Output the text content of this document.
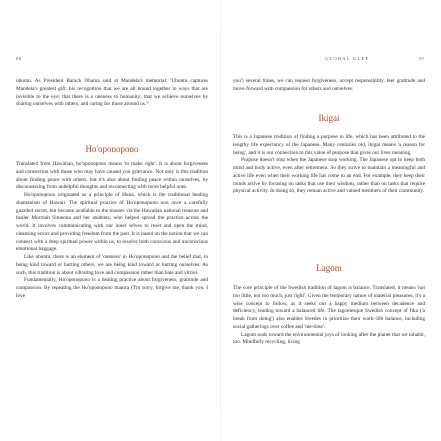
86

ubuntu. As President Barack Obama said at Mandela's memorial: 'Ubuntu captures Mandela's greatest gift: his recognition that we are all bound together in ways that are invisible to the eye; that there is a oneness to humanity; that we achieve ourselves by sharing ourselves with others, and caring for those around us.'¹

Ho'oponopono

Translated from Hawaiian, ho'oponopono means 'to make right'. It is about forgiveness and connection with those who may have caused you grievance. Not only is this tradition about finding peace with others, but it's also about finding peace within ourselves, by disconnecting from unhelpful thoughts and reconnecting with more helpful ones.

Ho'oponopono originated as a principle of Huna, which is the traditional healing shamanism of Hawaii. The spiritual practice of Ho'oponopono was once a carefully guarded secret, but became available to the masses via the Hawaiian national treasure and healer Morrnah Simeona and her students, who helped spread the practice across the world. It involves communicating with our inner selves to reset and open the mind, cleansing errors and providing freedom from the past. It is based on the notion that we can connect with a deep spiritual power within us, to resolve both conscious and unconscious emotional baggage.

Like ubuntu, there is an element of 'oneness' in Ho'oponopono and the belief that, in being kind toward or hurting others, we are being kind toward or hurting ourselves. As such, this tradition is about vibrating love and compassion rather than hate and vitriol.

Fundamentally, Ho'oponopono is a healing practice about forgiveness, gratitude and compassion. By repeating the Ho'oponopono mantra ('I'm sorry, forgive me, thank you, I love

GLOBAL GLEE	87

you') several times, we can request forgiveness, accept responsibility, feel gratitude and move forward with compassion for others and ourselves.

Ikigai

This is a Japanese tradition of finding a purpose in life, which has been attributed to the lengthy life expectancy of the Japanese. Many centuries old, ikigai means 'a reason for being', and it is our connection to this value of purpose that gives our lives meaning.

Purpose doesn't stop when the Japanese stop working. The Japanese opt to keep both mind and body active, even after retirement. So they strive to maintain a meaningful and active life even when their working life has come to an end. For example, they keep their minds active by focusing on tasks that use their wisdom, rather than on tasks that require physical activity. In doing so, they remain active and valued members of their community.

Lagom

The core principle of the Swedish tradition of lagom is balance. Translated, it means 'not too little, not too much, just right'. Given the temporary nature of material pleasures, it's a wise concept to follow, as it seeks out a happy medium between decadence and deficiency, leading toward a balanced life. The lagomesque Swedish concept of fika ('a break from doing') also enables Swedes to prioritize their work–life balance, including social gatherings over coffee and 'me-time'.

Lagom nods toward the environmental joys of looking after the planet that we inhabit, too. Mindfully recycling, living
